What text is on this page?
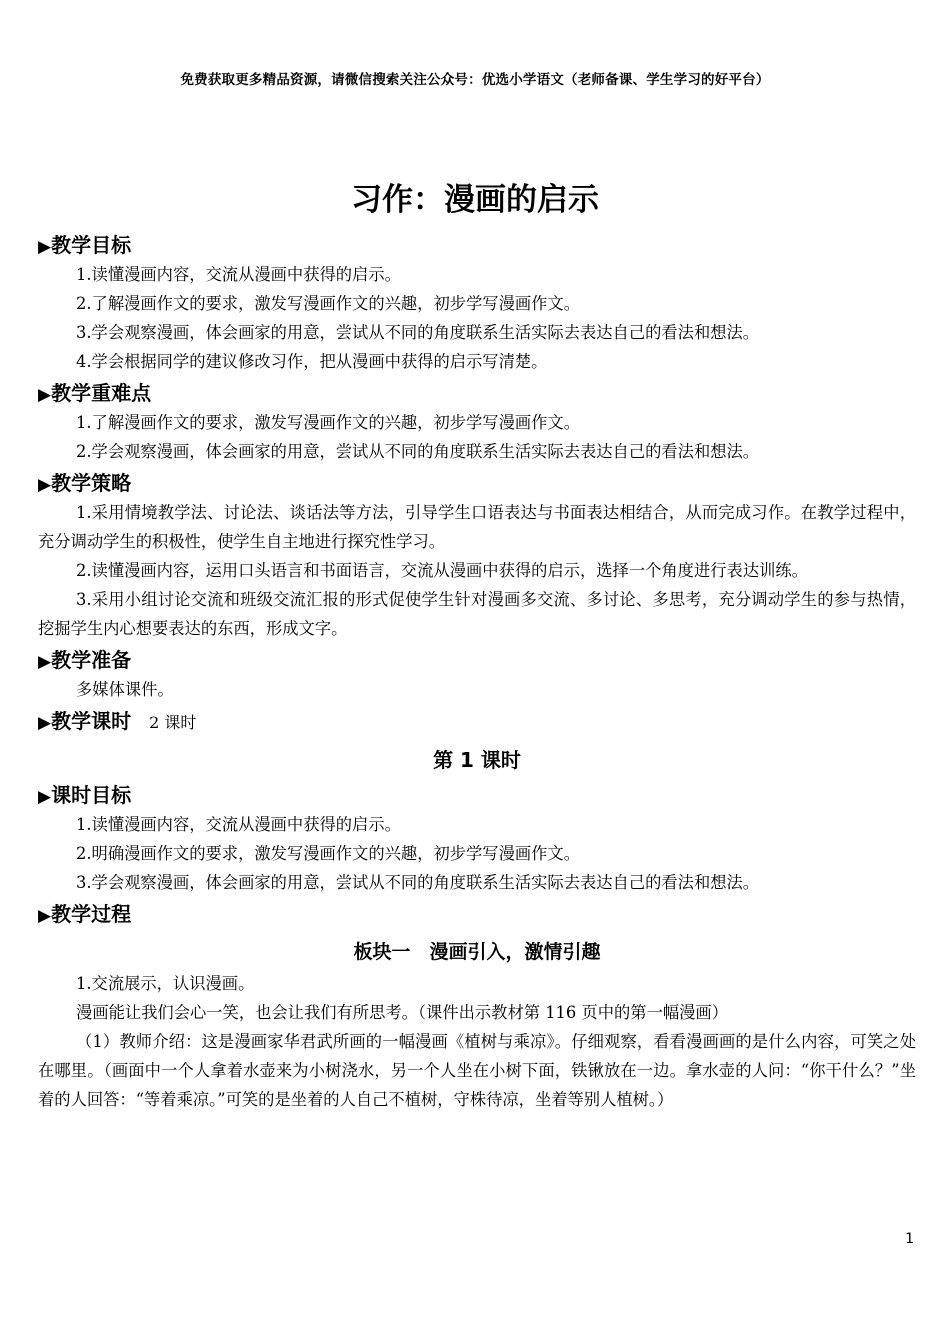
免费获取更多精品资源，请微信搜索关注公众号：优选小学语文（老师备课、学生学习的好平台）
习作：漫画的启示
▶教学目标
1.读懂漫画内容，交流从漫画中获得的启示。
2.了解漫画作文的要求，激发写漫画作文的兴趣，初步学写漫画作文。
3.学会观察漫画，体会画家的用意，尝试从不同的角度联系生活实际去表达自己的看法和想法。
4.学会根据同学的建议修改习作，把从漫画中获得的启示写清楚。
▶教学重难点
1.了解漫画作文的要求，激发写漫画作文的兴趣，初步学写漫画作文。
2.学会观察漫画，体会画家的用意，尝试从不同的角度联系生活实际去表达自己的看法和想法。
▶教学策略
1.采用情境教学法、讨论法、谈话法等方法，引导学生口语表达与书面表达相结合，从而完成习作。在教学过程中，充分调动学生的积极性，使学生自主地进行探究性学习。
2.读懂漫画内容，运用口头语言和书面语言，交流从漫画中获得的启示，选择一个角度进行表达训练。
3.采用小组讨论交流和班级交流汇报的形式促使学生针对漫画多交流、多讨论、多思考，充分调动学生的参与热情，挖掘学生内心想要表达的东西，形成文字。
▶教学准备
多媒体课件。
▶教学课时 2 课时
第 1 课时
▶课时目标
1.读懂漫画内容，交流从漫画中获得的启示。
2.明确漫画作文的要求，激发写漫画作文的兴趣，初步学写漫画作文。
3.学会观察漫画，体会画家的用意，尝试从不同的角度联系生活实际去表达自己的看法和想法。
▶教学过程
板块一　漫画引入，激情引趣
1.交流展示，认识漫画。
漫画能让我们会心一笑，也会让我们有所思考。（课件出示教材第 116 页中的第一幅漫画）
（1）教师介绍：这是漫画家华君武所画的一幅漫画《植树与乘凉》。仔细观察，看看漫画画的是什么内容，可笑之处在哪里。（画面中一个人拿着水壶来为小树浇水，另一个人坐在小树下面，铁锹放在一边。拿水壶的人问：“你干什么？”坐着的人回答：“等着乘凉。”可笑的是坐着的人自己不植树，守株待凉，坐着等别人植树。）
1
